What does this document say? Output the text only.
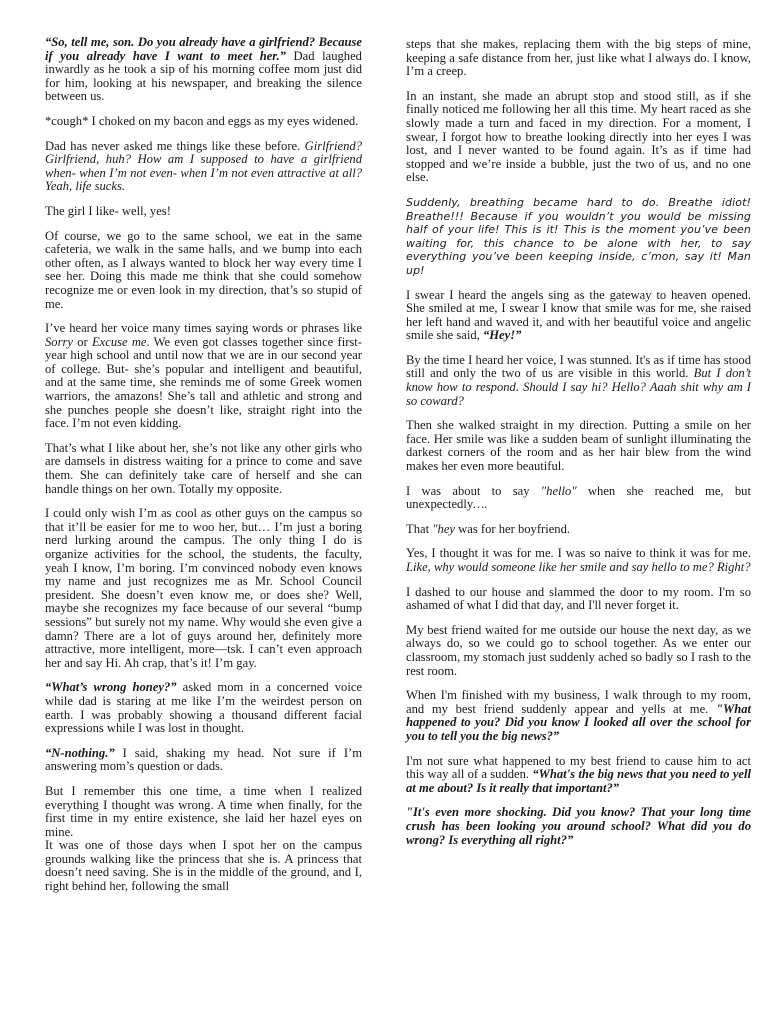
“So, tell me, son. Do you already have a girlfriend? Because if you already have I want to meet her.” Dad laughed inwardly as he took a sip of his morning coffee mom just did for him, looking at his newspaper, and breaking the silence between us.

*cough* I choked on my bacon and eggs as my eyes widened.

Dad has never asked me things like these before. Girlfriend? Girlfriend, huh? How am I supposed to have a girlfriend when- when I’m not even- when I’m not even attractive at all? Yeah, life sucks.

The girl I like- well, yes!

Of course, we go to the same school, we eat in the same cafeteria, we walk in the same halls, and we bump into each other often, as I always wanted to block her way every time I see her. Doing this made me think that she could somehow recognize me or even look in my direction, that’s so stupid of me.

I’ve heard her voice many times saying words or phrases like Sorry or Excuse me. We even got classes together since first-year high school and until now that we are in our second year of college. But- she’s popular and intelligent and beautiful, and at the same time, she reminds me of some Greek women warriors, the amazons! She’s tall and athletic and strong and she punches people she doesn’t like, straight right into the face. I’m not even kidding.

That’s what I like about her, she’s not like any other girls who are damsels in distress waiting for a prince to come and save them. She can definitely take care of herself and she can handle things on her own. Totally my opposite.

I could only wish I’m as cool as other guys on the campus so that it’ll be easier for me to woo her, but… I’m just a boring nerd lurking around the campus. The only thing I do is organize activities for the school, the students, the faculty, yeah I know, I’m boring. I’m convinced nobody even knows my name and just recognizes me as Mr. School Council president. She doesn’t even know me, or does she? Well, maybe she recognizes my face because of our several “bump sessions” but surely not my name. Why would she even give a damn? There are a lot of guys around her, definitely more attractive, more intelligent, more—tsk. I can’t even approach her and say Hi. Ah crap, that’s it! I’m gay.

“What’s wrong honey?” asked mom in a concerned voice while dad is staring at me like I’m the weirdest person on earth. I was probably showing a thousand different facial expressions while I was lost in thought.

“N-nothing.” I said, shaking my head. Not sure if I’m answering mom’s question or dads.

But I remember this one time, a time when I realized everything I thought was wrong. A time when finally, for the first time in my entire existence, she laid her hazel eyes on mine.

It was one of those days when I spot her on the campus grounds walking like the princess that she is. A princess that doesn’t need saving. She is in the middle of the ground, and I, right behind her, following the small

steps that she makes, replacing them with the big steps of mine, keeping a safe distance from her, just like what I always do. I know, I’m a creep.

In an instant, she made an abrupt stop and stood still, as if she finally noticed me following her all this time. My heart raced as she slowly made a turn and faced in my direction. For a moment, I swear, I forgot how to breathe looking directly into her eyes I was lost, and I never wanted to be found again. It’s as if time had stopped and we’re inside a bubble, just the two of us, and no one else.

Suddenly, breathing became hard to do. Breathe idiot! Breathe!!! Because if you wouldn’t you would be missing half of your life! This is it! This is the moment you’ve been waiting for, this chance to be alone with her, to say everything you’ve been keeping inside, c’mon, say it! Man up!

I swear I heard the angels sing as the gateway to heaven opened. She smiled at me, I swear I know that smile was for me, she raised her left hand and waved it, and with her beautiful voice and angelic smile she said, “Hey!”

By the time I heard her voice, I was stunned. It's as if time has stood still and only the two of us are visible in this world. But I don’t know how to respond. Should I say hi? Hello? Aaah shit why am I so coward?

Then she walked straight in my direction. Putting a smile on her face. Her smile was like a sudden beam of sunlight illuminating the darkest corners of the room and as her hair blew from the wind makes her even more beautiful.

I was about to say "hello" when she reached me, but unexpectedly….

That "hey was for her boyfriend.

Yes, I thought it was for me. I was so naive to think it was for me. Like, why would someone like her smile and say hello to me? Right?

I dashed to our house and slammed the door to my room. I'm so ashamed of what I did that day, and I'll never forget it.

My best friend waited for me outside our house the next day, as we always do, so we could go to school together. As we enter our classroom, my stomach just suddenly ached so badly so I rash to the rest room.

When I'm finished with my business, I walk through to my room, and my best friend suddenly appear and yells at me. "What happened to you? Did you know I looked all over the school for you to tell you the big news?”

I'm not sure what happened to my best friend to cause him to act this way all of a sudden. “What's the big news that you need to yell at me about? Is it really that important?”

"It's even more shocking. Did you know? That your long time crush has been looking you around school? What did you do wrong? Is everything all right?”
